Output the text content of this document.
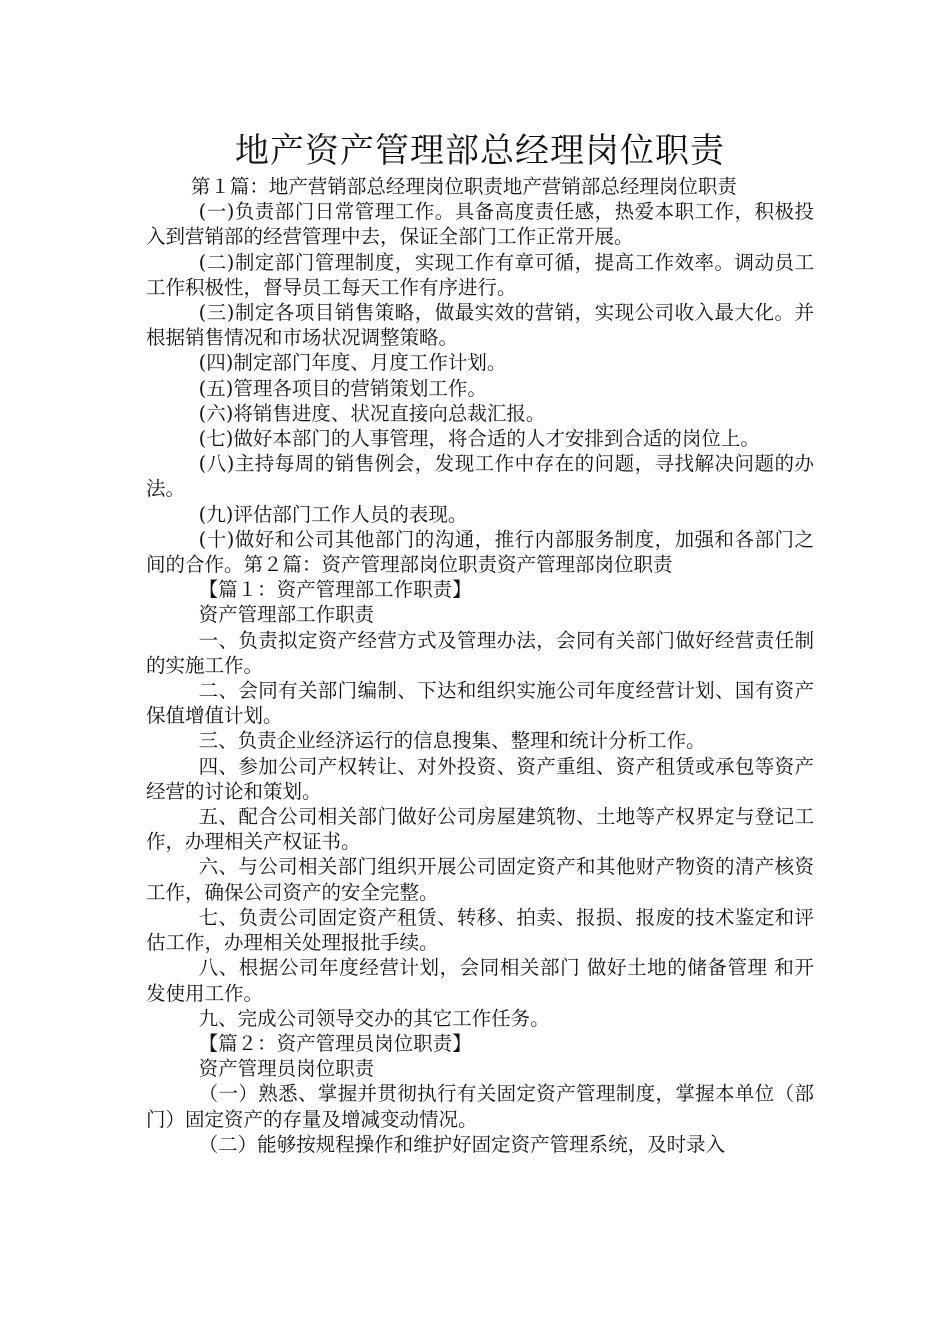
地产资产管理部总经理岗位职责

第１篇：地产营销部总经理岗位职责地产营销部总经理岗位职责

(一)负责部门日常管理工作。具备高度责任感，热爱本职工作，积极投入到营销部的经营管理中去，保证全部门工作正常开展。

(二)制定部门管理制度，实现工作有章可循，提高工作效率。调动员工工作积极性，督导员工每天工作有序进行。

(三)制定各项目销售策略，做最实效的营销，实现公司收入最大化。并根据销售情况和市场状况调整策略。

(四)制定部门年度、月度工作计划。

(五)管理各项目的营销策划工作。

(六)将销售进度、状况直接向总裁汇报。

(七)做好本部门的人事管理，将合适的人才安排到合适的岗位上。

(八)主持每周的销售例会，发现工作中存在的问题，寻找解决问题的办法。

(九)评估部门工作人员的表现。

(十)做好和公司其他部门的沟通，推行内部服务制度，加强和各部门之间的合作。第２篇：资产管理部岗位职责资产管理部岗位职责

【篇１：资产管理部工作职责】

资产管理部工作职责

一、负责拟定资产经营方式及管理办法，会同有关部门做好经营责任制的实施工作。

二、会同有关部门编制、下达和组织实施公司年度经营计划、国有资产保值增值计划。

三、负责企业经济运行的信息搜集、整理和统计分析工作。

四、参加公司产权转让、对外投资、资产重组、资产租赁或承包等资产经营的讨论和策划。

五、配合公司相关部门做好公司房屋建筑物、土地等产权界定与登记工作，办理相关产权证书。

六、与公司相关部门组织开展公司固定资产和其他财产物资的清产核资工作，确保公司资产的安全完整。

七、负责公司固定资产租赁、转移、拍卖、报损、报废的技术鉴定和评估工作，办理相关处理报批手续。

八、根据公司年度经营计划，会同相关部门 做好土地的储备管理 和开发使用工作。

九、完成公司领导交办的其它工作任务。

【篇２：资产管理员岗位职责】

资产管理员岗位职责

（一）熟悉、掌握并贯彻执行有关固定资产管理制度，掌握本单位（部门）固定资产的存量及增减变动情况。

（二）能够按规程操作和维护好固定资产管理系统，及时录入
